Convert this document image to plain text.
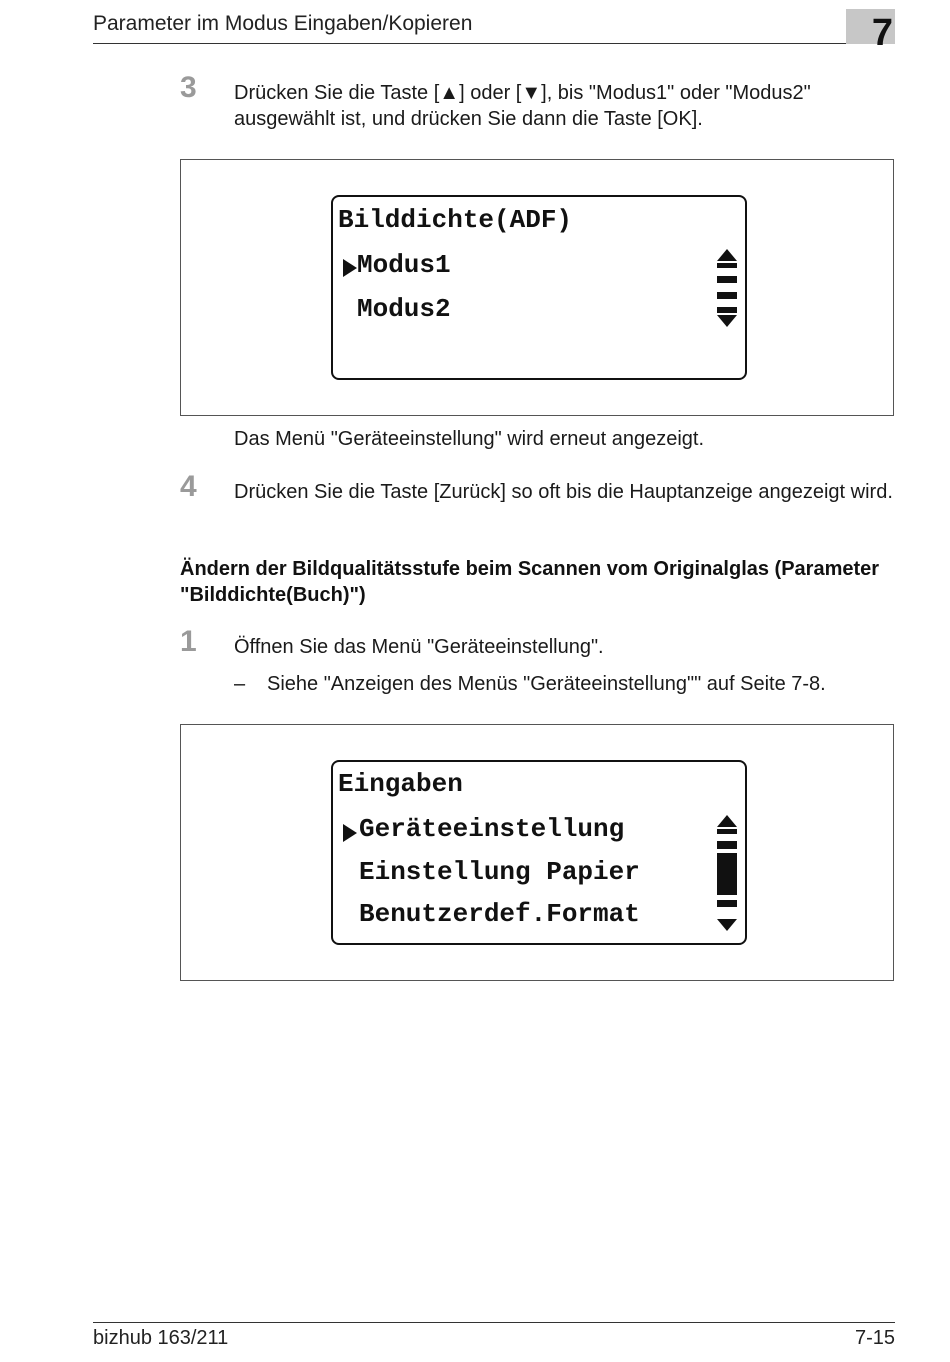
Parameter im Modus Eingaben/Kopieren	7
3 Drücken Sie die Taste [▲] oder [▼], bis "Modus1" oder "Modus2" ausgewählt ist, und drücken Sie dann die Taste [OK].
Bilddichte(ADF)
Modus1
Modus2
Das Menü "Geräteeinstellung" wird erneut angezeigt.
4 Drücken Sie die Taste [Zurück] so oft bis die Hauptanzeige angezeigt wird.
Ändern der Bildqualitätsstufe beim Scannen vom Originalglas (Parameter "Bilddichte(Buch)")
1 Öffnen Sie das Menü "Geräteeinstellung".
– Siehe "Anzeigen des Menüs "Geräteeinstellung"" auf Seite 7-8.
Eingaben
Geräteeinstellung
Einstellung Papier
Benutzerdef.Format
bizhub 163/211	7-15
